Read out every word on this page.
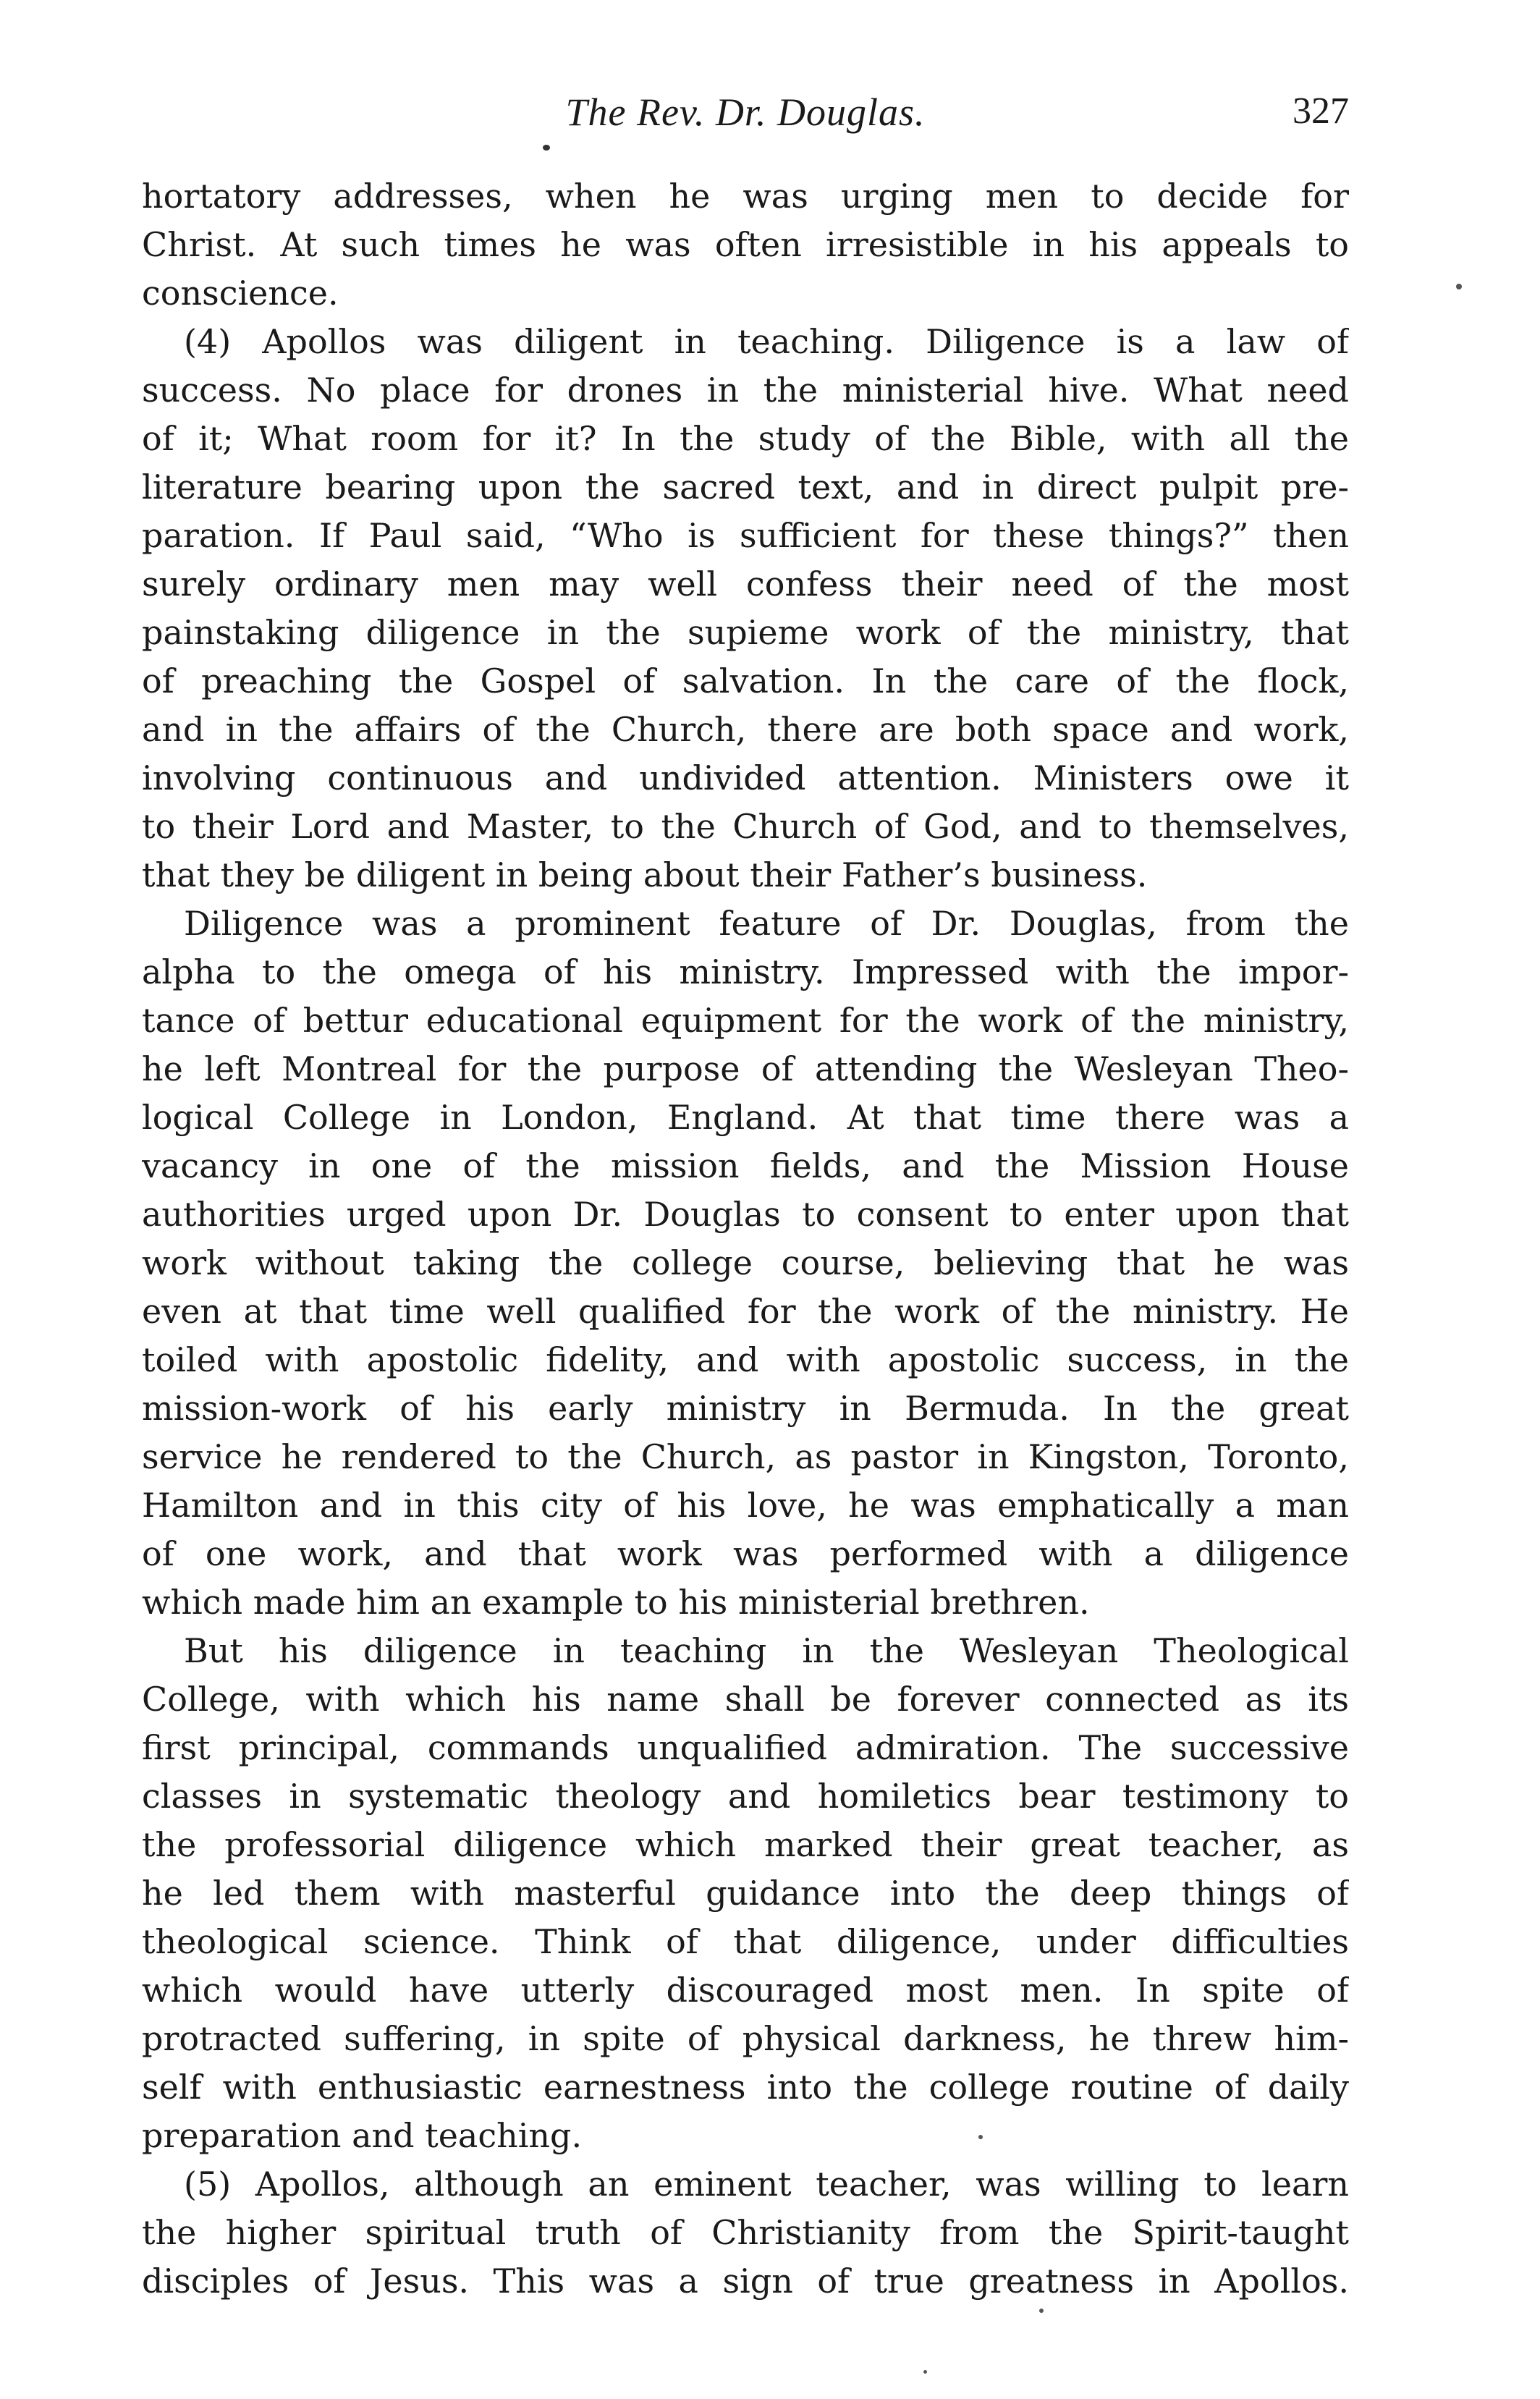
The Rev. Dr. Douglas.	327
hortatory addresses, when he was urging men to decide for
Christ. At such times he was often irresistible in his appeals to
conscience.
(4) Apollos was diligent in teaching. Diligence is a law of
success. No place for drones in the ministerial hive. What need
of it; What room for it? In the study of the Bible, with all the
literature bearing upon the sacred text, and in direct pulpit pre-
paration. If Paul said, “Who is sufficient for these things?” then
surely ordinary men may well confess their need of the most
painstaking diligence in the supieme work of the ministry, that
of preaching the Gospel of salvation. In the care of the flock,
and in the affairs of the Church, there are both space and work,
involving continuous and undivided attention. Ministers owe it
to their Lord and Master, to the Church of God, and to themselves,
that they be diligent in being about their Father’s business.
Diligence was a prominent feature of Dr. Douglas, from the
alpha to the omega of his ministry. Impressed with the impor-
tance of bettur educational equipment for the work of the ministry,
he left Montreal for the purpose of attending the Wesleyan Theo-
logical College in London, England. At that time there was a
vacancy in one of the mission fields, and the Mission House
authorities urged upon Dr. Douglas to consent to enter upon that
work without taking the college course, believing that he was
even at that time well qualified for the work of the ministry. He
toiled with apostolic fidelity, and with apostolic success, in the
mission-work of his early ministry in Bermuda. In the great
service he rendered to the Church, as pastor in Kingston, Toronto,
Hamilton and in this city of his love, he was emphatically a man
of one work, and that work was performed with a diligence
which made him an example to his ministerial brethren.
But his diligence in teaching in the Wesleyan Theological
College, with which his name shall be forever connected as its
first principal, commands unqualified admiration. The successive
classes in systematic theology and homiletics bear testimony to
the professorial diligence which marked their great teacher, as
he led them with masterful guidance into the deep things of
theological science. Think of that diligence, under difficulties
which would have utterly discouraged most men. In spite of
protracted suffering, in spite of physical darkness, he threw him-
self with enthusiastic earnestness into the college routine of daily
preparation and teaching.
(5) Apollos, although an eminent teacher, was willing to learn
the higher spiritual truth of Christianity from the Spirit-taught
disciples of Jesus. This was a sign of true greatness in Apollos.
